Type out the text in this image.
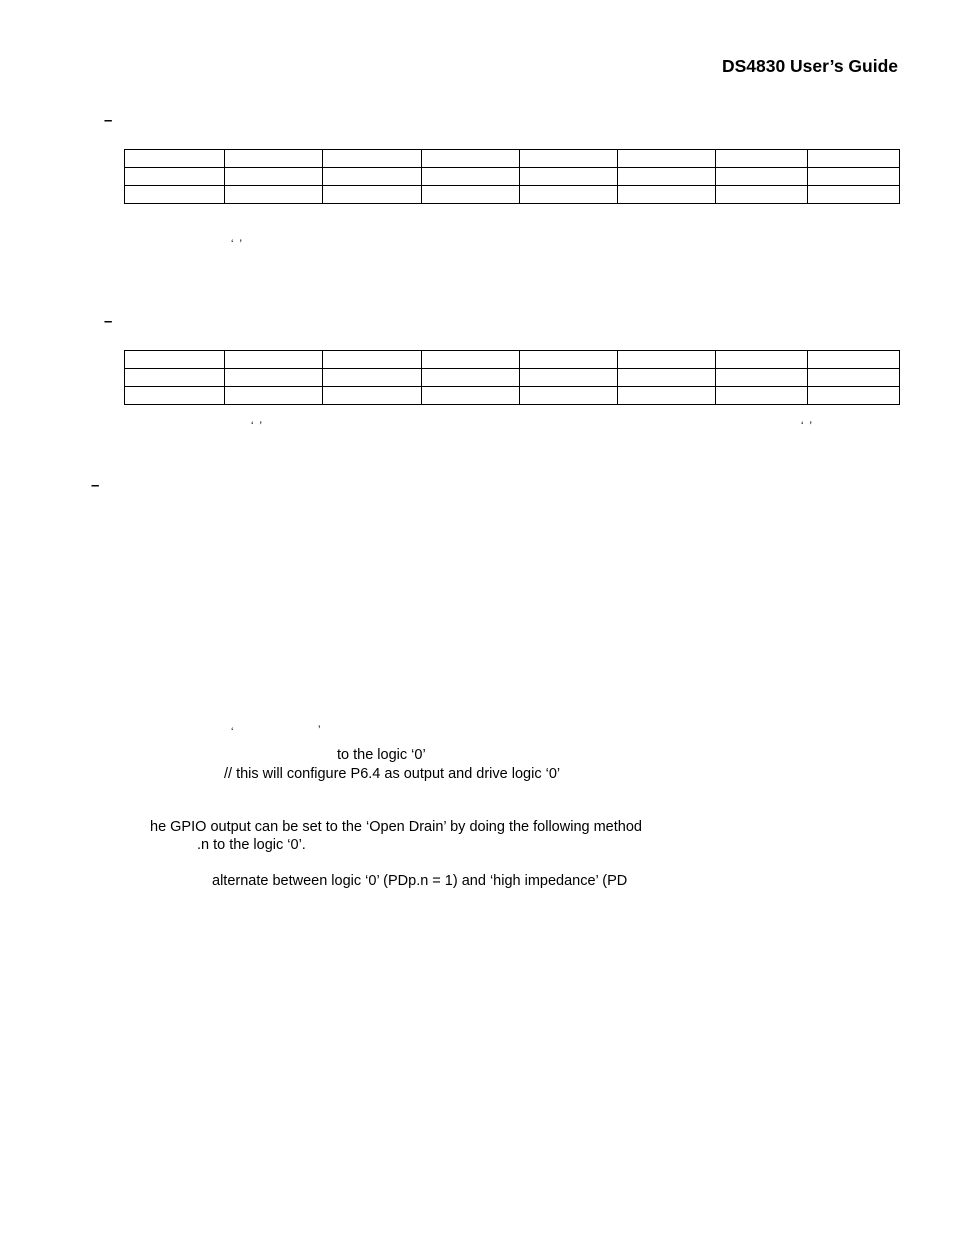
DS4830 User’s Guide
–

‘  ’
–

‘  ’	‘  ’
–
‘	’
to the logic ‘0’
// this will configure P6.4 as output and drive logic ‘0’
he GPIO output can be set to the ‘Open Drain’ by doing the following method
.n to the logic ‘0’.
alternate between logic ‘0’ (PDp.n = 1) and ‘high impedance’ (PD
